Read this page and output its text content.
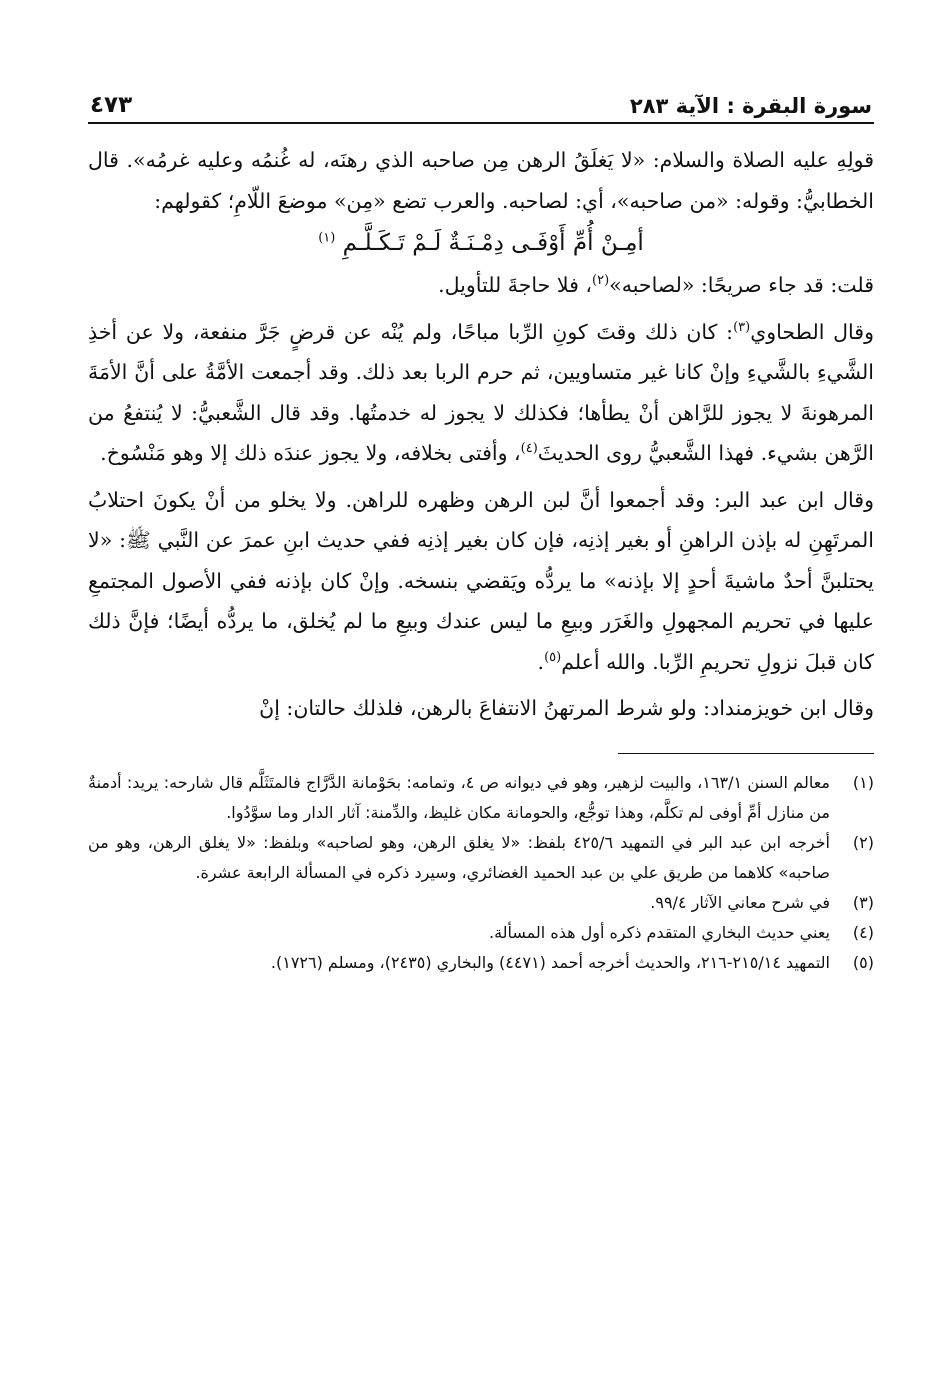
سورة البقرة : الآية ٢٨٣
٤٧٣

قولِهِ عليه الصلاة والسلام: «لا يَغلَقُ الرهن مِن صاحبه الذي رهنَه، له غُنمُه وعليه غرمُه». قال الخطابيُّ: وقوله: «من صاحبه»، أي: لصاحبه. والعرب تضع «مِن» موضعَ اللّامِ؛ كقولهم:

أمِـنْ أُمِّ أَوْفَـى دِمْـنَـةٌ لَـمْ تَـكَـلَّـمِ $^{(١)}$

قلت: قد جاء صريحًا: «لصاحبه»$^{(٢)}$، فلا حاجةَ للتأويل.

وقال الطحاوي$^{(٣)}$: كان ذلك وقتَ كونِ الرِّبا مباحًا، ولم يُنْه عن قرضٍ جَرَّ منفعة، ولا عن أخذِ الشَّيءِ بالشَّيءِ وإنْ كانا غير متساويين، ثم حرم الربا بعد ذلك. وقد أجمعت الأمَّةُ على أنَّ الأمَةَ المرهونةَ لا يجوز للرَّاهن أنْ يطأها؛ فكذلك لا يجوز له خدمتُها. وقد قال الشَّعبيُّ: لا يُنتفعُ من الرَّهن بشيء. فهذا الشَّعبيُّ روى الحديثَ$^{(٤)}$، وأفتى بخلافه، ولا يجوز عندَه ذلك إلا وهو مَنْسُوخ.

وقال ابن عبد البر: وقد أجمعوا أنَّ لبن الرهن وظهره للراهن. ولا يخلو من أنْ يكونَ احتلابُ المرتَهِنِ له بإذن الراهنِ أو بغير إذنِه، فإن كان بغير إذنِه ففي حديث ابنِ عمرَ عن النَّبي ﷺ: «لا يحتلبنَّ أحدٌ ماشيةَ أحدٍ إلا بإذنه» ما يردُّه ويَقضي بنسخه. وإنْ كان بإذنه ففي الأصول المجتمعِ عليها في تحريم المجهولِ والغَرَر وبيعِ ما ليس عندك وبيعِ ما لم يُخلق، ما يردُّه أيضًا؛ فإنَّ ذلك كان قبلَ نزولِ تحريمِ الرِّبا. والله أعلم$^{(٥)}$.

وقال ابن خويزمنداد: ولو شرط المرتهنُ الانتفاعَ بالرهن، فلذلك حالتان: إنْ

(١)
معالم السنن ١٦٣/١، والبيت لزهير، وهو في ديوانه ص ٤، وتمامه: بحَوْمانة الدَّرَّاج فالمتَثَلَّم قال شارحه: يريد: أدمنةٌ من منازل أمِّ أوفى لم تكلَّم، وهذا توجُّع، والحومانة مكان غليظ، والدِّمنة: آثار الدار وما سوَّدُوا.

(٢)
أخرجه ابن عبد البر في التمهيد ٤٢٥/٦ بلفظ: «لا يغلق الرهن، وهو لصاحبه» وبلفظ: «لا يغلق الرهن، وهو من صاحبه» كلاهما من طريق علي بن عبد الحميد الغضائري، وسيرد ذكره في المسألة الرابعة عشرة.

(٣)
في شرح معاني الآثار ٩٩/٤.

(٤)
يعني حديث البخاري المتقدم ذكره أول هذه المسألة.

(٥)
التمهيد ٢١٥/١٤-٢١٦، والحديث أخرجه أحمد (٤٤٧١) والبخاري (٢٤٣٥)، ومسلم (١٧٢٦).
